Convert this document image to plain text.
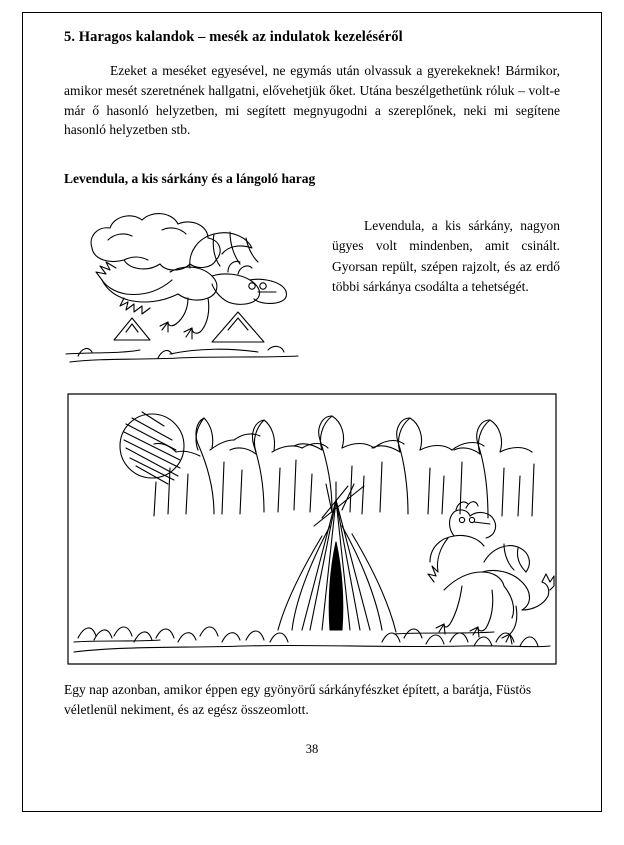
5. Haragos kalandok – mesék az indulatok kezeléséről

Ezeket a meséket egyesével, ne egymás után olvassuk a gyerekeknek! Bármikor, amikor mesét szeretnének hallgatni, elővehetjük őket. Utána beszélgethetünk róluk – volt-e már ő hasonló helyzetben, mi segített megnyugodni a szereplőnek, neki mi segítene hasonló helyzetben stb.

Levendula, a kis sárkány és a lángoló harag

Levendula, a kis sárkány, nagyon ügyes volt mindenben, amit csinált. Gyorsan repült, szépen rajzolt, és az erdő többi sárkánya csodálta a tehetségét.

Egy nap azonban, amikor éppen egy gyönyörű sárkányfészket épített, a barátja, Füstös véletlenül nekiment, és az egész összeomlott.

38
